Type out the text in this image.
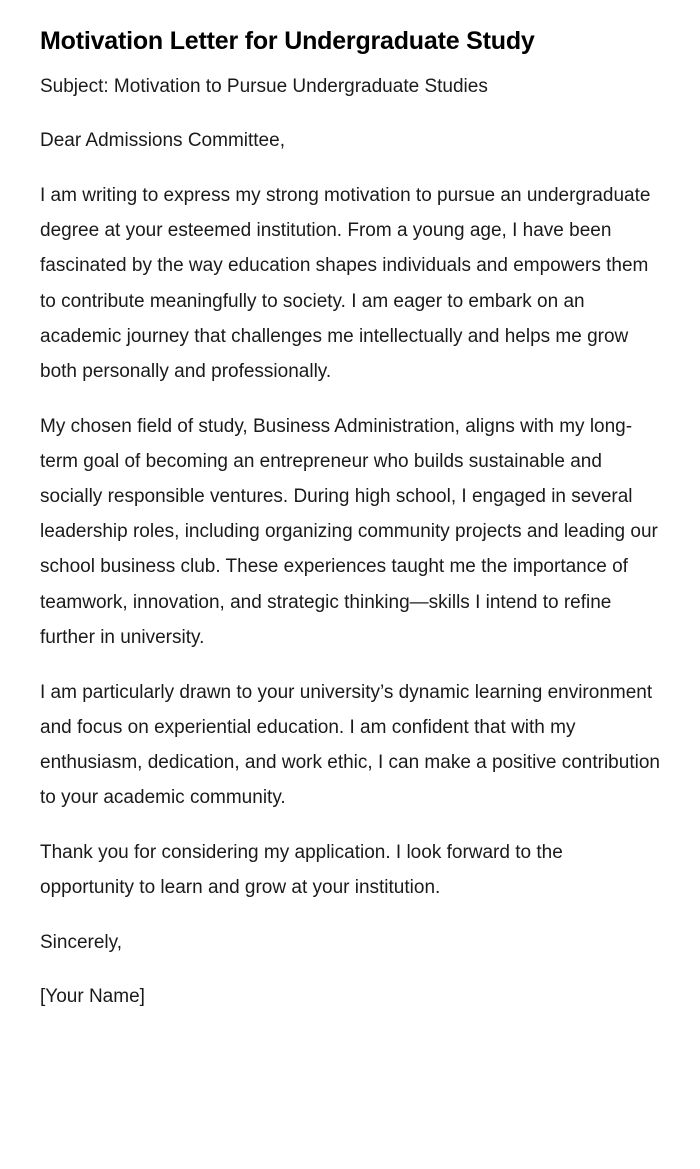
Motivation Letter for Undergraduate Study

Subject: Motivation to Pursue Undergraduate Studies

Dear Admissions Committee,

I am writing to express my strong motivation to pursue an undergraduate degree at your esteemed institution. From a young age, I have been fascinated by the way education shapes individuals and empowers them to contribute meaningfully to society. I am eager to embark on an academic journey that challenges me intellectually and helps me grow both personally and professionally.

My chosen field of study, Business Administration, aligns with my long-term goal of becoming an entrepreneur who builds sustainable and socially responsible ventures. During high school, I engaged in several leadership roles, including organizing community projects and leading our school business club. These experiences taught me the importance of teamwork, innovation, and strategic thinking—skills I intend to refine further in university.

I am particularly drawn to your university’s dynamic learning environment and focus on experiential education. I am confident that with my enthusiasm, dedication, and work ethic, I can make a positive contribution to your academic community.

Thank you for considering my application. I look forward to the opportunity to learn and grow at your institution.

Sincerely,

[Your Name]
